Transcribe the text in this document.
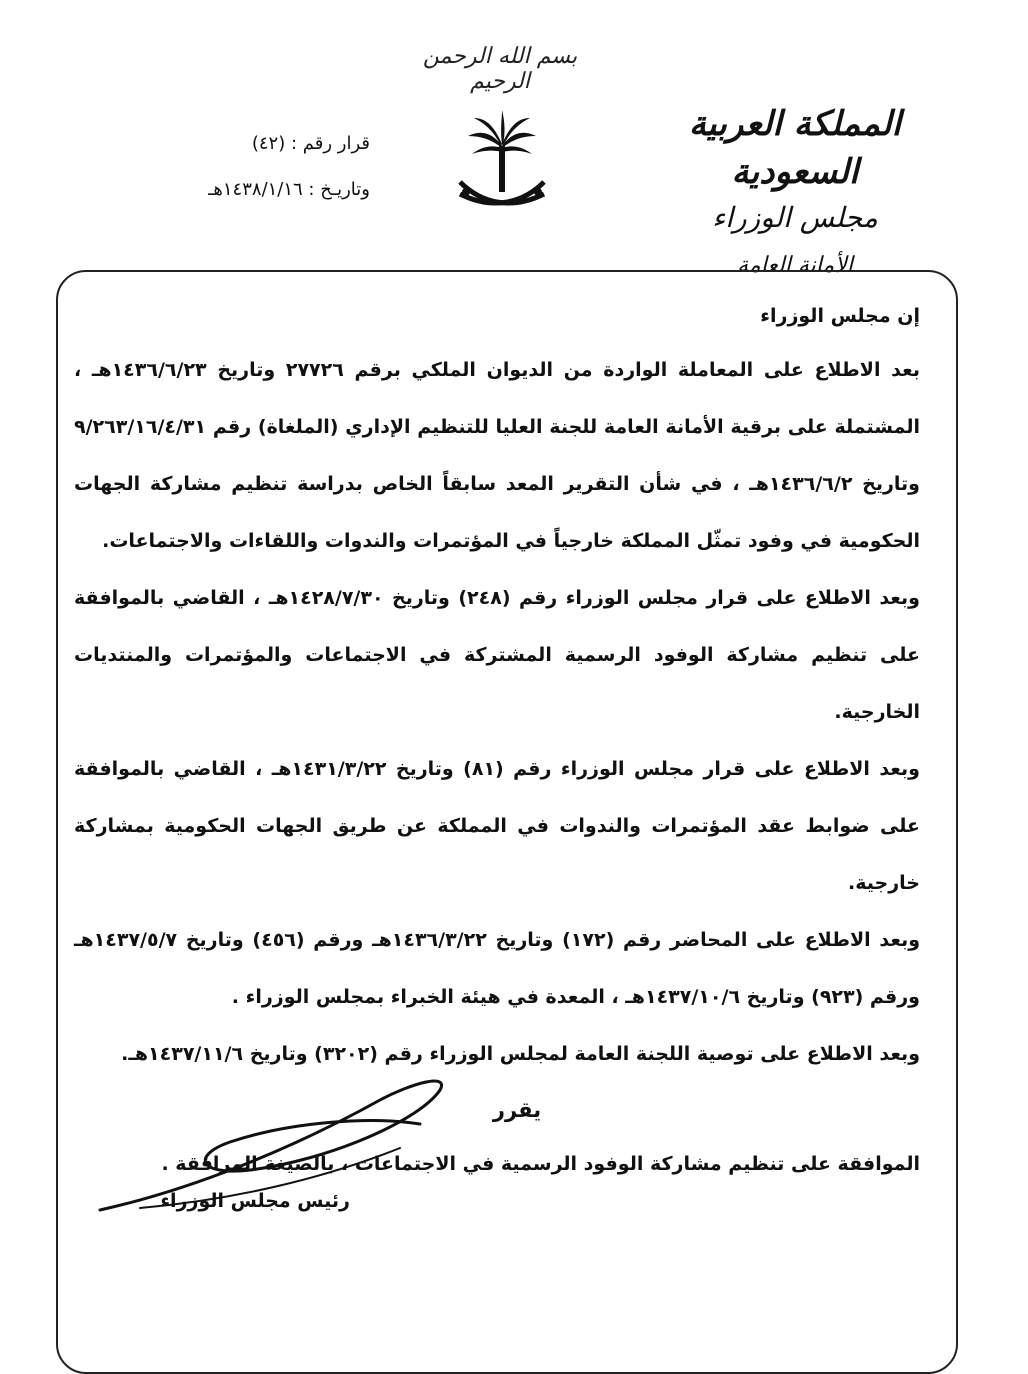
بسم الله الرحمن الرحيم
المملكة العربية السعودية
مجلس الوزراء
الأمانة العامة
قرار رقم : (٤٢)
وتاريـخ : ١٤٣٨/١/١٦هـ
إن مجلس الوزراء
بعد الاطلاع على المعاملة الواردة من الديوان الملكي برقم ٢٧٧٢٦ وتاريخ ١٤٣٦/٦/٢٣هـ ، المشتملة على برقية الأمانة العامة للجنة العليا للتنظيم الإداري (الملغاة) رقم ٩/٢٦٣/١٦/٤/٣١ وتاريخ ١٤٣٦/٦/٢هـ ، في شأن التقرير المعد سابقاً الخاص بدراسة تنظيم مشاركة الجهات الحكومية في وفود تمثّل المملكة خارجياً في المؤتمرات والندوات واللقاءات والاجتماعات.
وبعد الاطلاع على قرار مجلس الوزراء رقم (٢٤٨) وتاريخ ١٤٢٨/٧/٣٠هـ ، القاضي بالموافقة على تنظيم مشاركة الوفود الرسمية المشتركة في الاجتماعات والمؤتمرات والمنتديات الخارجية.
وبعد الاطلاع على قرار مجلس الوزراء رقم (٨١) وتاريخ ١٤٣١/٣/٢٢هـ ، القاضي بالموافقة على ضوابط عقد المؤتمرات والندوات في المملكة عن طريق الجهات الحكومية بمشاركة خارجية.
وبعد الاطلاع على المحاضر رقم (١٧٢) وتاريخ ١٤٣٦/٣/٢٢هـ ورقم (٤٥٦) وتاريخ ١٤٣٧/٥/٧هـ ورقم (٩٢٣) وتاريخ ١٤٣٧/١٠/٦هـ ، المعدة في هيئة الخبراء بمجلس الوزراء .
وبعد الاطلاع على توصية اللجنة العامة لمجلس الوزراء رقم (٣٢٠٢) وتاريخ ١٤٣٧/١١/٦هـ.
يقرر
الموافقة على تنظيم مشاركة الوفود الرسمية في الاجتماعات ، بالصيغة المرافقة .
رئيس مجلس الوزراء
